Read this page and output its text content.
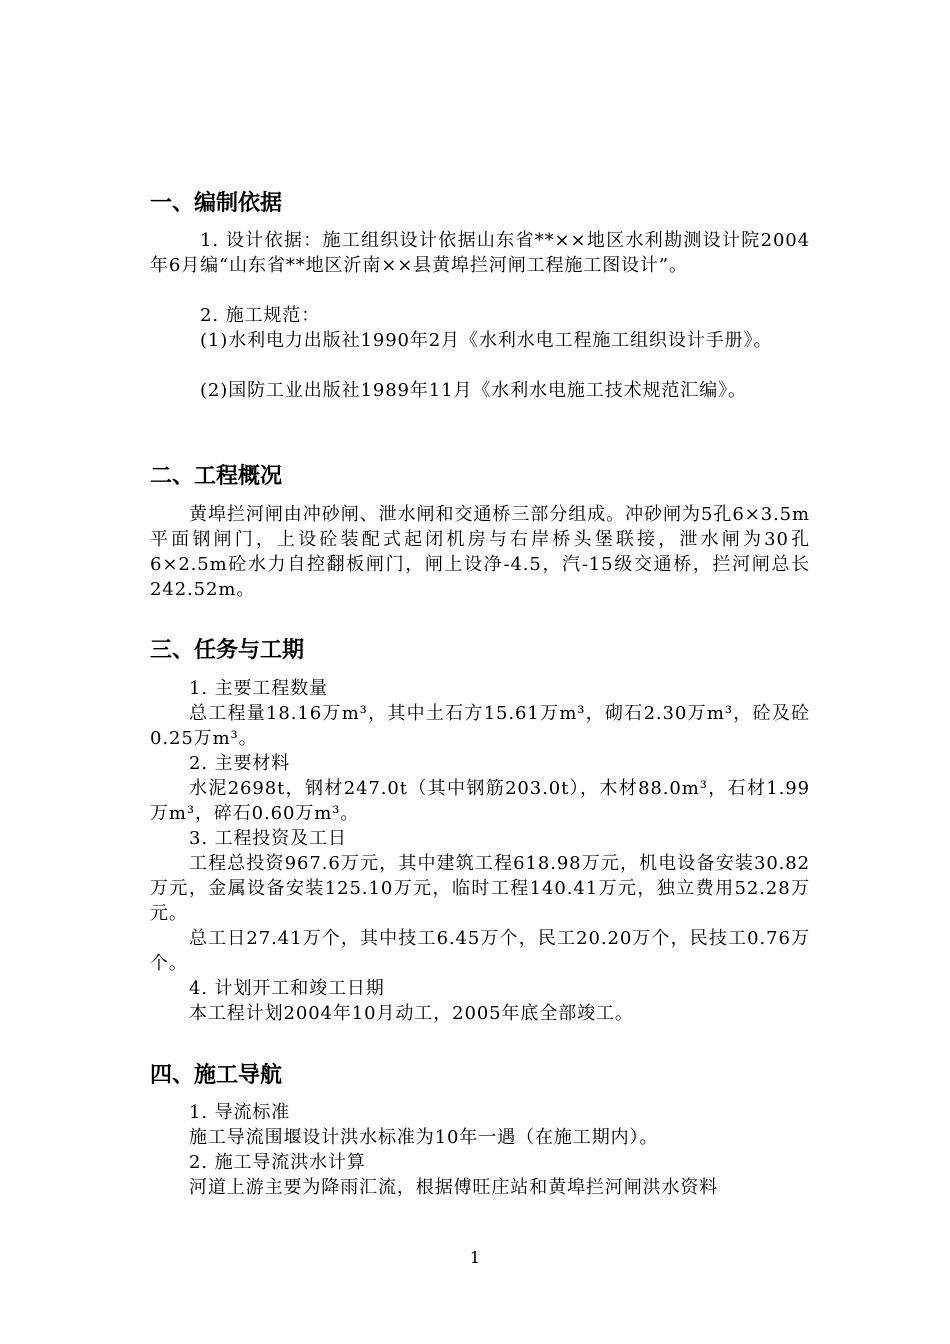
一、编制依据
1. 设计依据：施工组织设计依据山东省**××地区水利勘测设计院2004年6月编“山东省**地区沂南××县黄埠拦河闸工程施工图设计”。
2. 施工规范：
(1)水利电力出版社1990年2月《水利水电工程施工组织设计手册》。
(2)国防工业出版社1989年11月《水利水电施工技术规范汇编》。
二、工程概况
黄埠拦河闸由冲砂闸、泄水闸和交通桥三部分组成。冲砂闸为5孔6×3.5m平面钢闸门，上设砼装配式起闭机房与右岸桥头堡联接，泄水闸为30孔6×2.5m砼水力自控翻板闸门，闸上设净-4.5，汽-15级交通桥，拦河闸总长242.52m。
三、任务与工期
1. 主要工程数量
总工程量18.16万m³，其中土石方15.61万m³，砌石2.30万m³，砼及砼0.25万m³。
2. 主要材料
水泥2698t，钢材247.0t（其中钢筋203.0t），木材88.0m³，石材1.99万m³，碎石0.60万m³。
3. 工程投资及工日
工程总投资967.6万元，其中建筑工程618.98万元，机电设备安装30.82万元，金属设备安装125.10万元，临时工程140.41万元，独立费用52.28万元。
总工日27.41万个，其中技工6.45万个，民工20.20万个，民技工0.76万个。
4. 计划开工和竣工日期
本工程计划2004年10月动工，2005年底全部竣工。
四、施工导航
1. 导流标准
施工导流围堰设计洪水标准为10年一遇（在施工期内）。
2. 施工导流洪水计算
河道上游主要为降雨汇流，根据傅旺庄站和黄埠拦河闸洪水资料
1
